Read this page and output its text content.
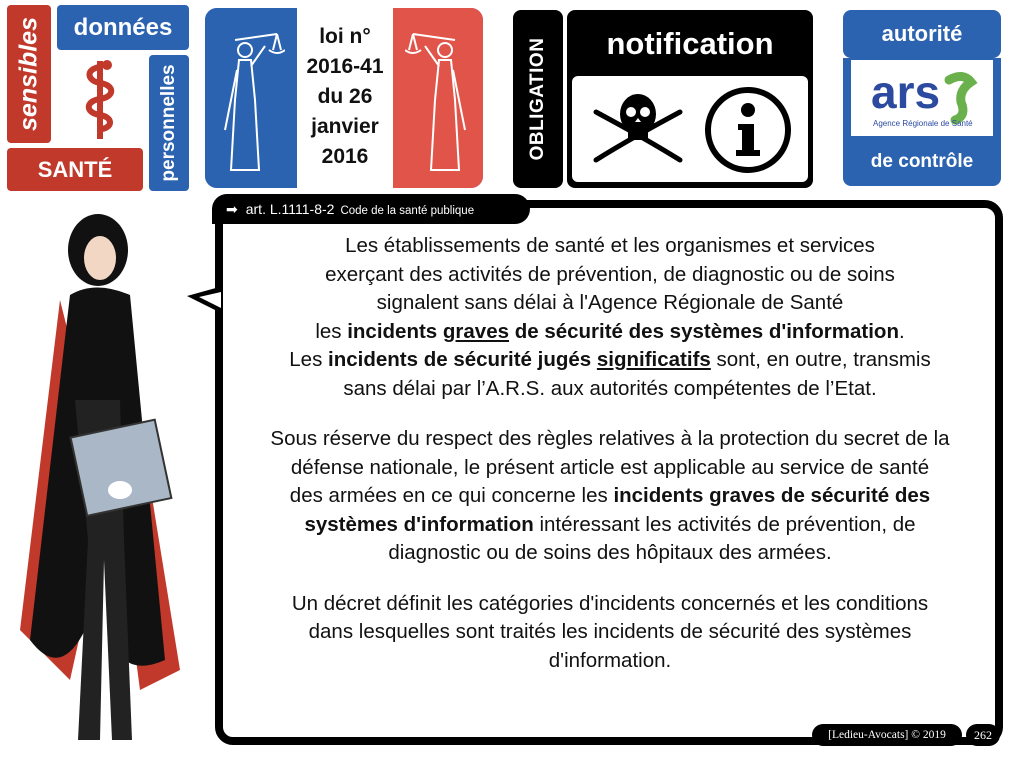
sensibles	données
personnelles
SANTÉ
loi n°
2016-41
du 26
janvier
2016	OBLIGATION	notification	autorité
ars
Agence Régionale de Santé
de contrôle
➡ art. L.1111-8-2 Code de la santé publique

Les établissements de santé et les organismes et services

exerçant des activités de prévention, de diagnostic ou de soins

signalent sans délai à l'Agence Régionale de Santé

les incidents graves de sécurité des systèmes d'information.

Les incidents de sécurité jugés significatifs sont, en outre, transmis

sans délai par l’A.R.S. aux autorités compétentes de l’Etat.

Sous réserve du respect des règles relatives à la protection du secret de la

défense nationale, le présent article est applicable au service de santé

des armées en ce qui concerne les incidents graves de sécurité des

systèmes d'information intéressant les activités de prévention, de

diagnostic ou de soins des hôpitaux des armées.

Un décret définit les catégories d'incidents concernés et les conditions

dans lesquelles sont traités les incidents de sécurité des systèmes

d'information.

[Ledieu-Avocats] © 2019	262
